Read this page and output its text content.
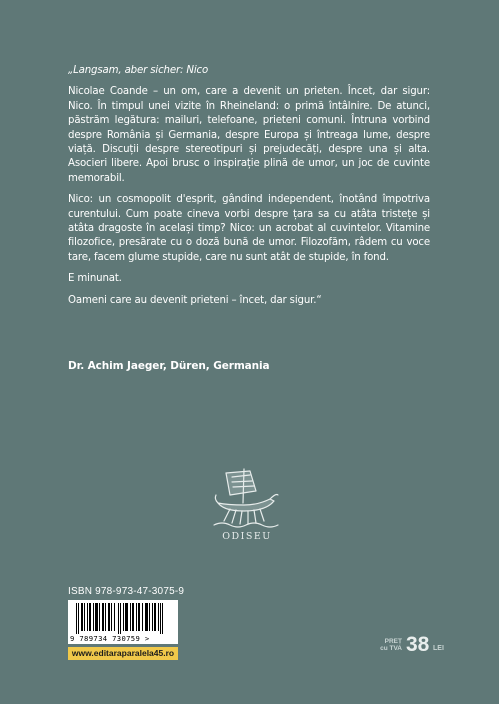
„Langsam, aber sicher: Nico

Nicolae Coande – un om, care a devenit un prieten. Încet, dar sigur: Nico. În timpul unei vizite în Rheineland: o primă întâlnire. De atunci, păstrăm legătura: mailuri, telefoane, prieteni comuni. Întruna vorbind despre România și Germania, despre Europa și întreaga lume, despre viață. Discuții despre stereotipuri și prejudecăți, despre una și alta. Asocieri libere. Apoi brusc o inspirație plină de umor, un joc de cuvinte memorabil.

Nico: un cosmopolit d'esprit, gândind independent, înotând împotriva curentului. Cum poate cineva vorbi despre țara sa cu atâta tristețe și atâta dragoste în același timp? Nico: un acrobat al cuvintelor. Vitamine filozofice, presărate cu o doză bună de umor. Filozofăm, râdem cu voce tare, facem glume stupide, care nu sunt atât de stupide, în fond.

E minunat.

Oameni care au devenit prieteni – încet, dar sigur.“

Dr. Achim Jaeger, Düren, Germania
ODISEU
ISBN 978-973-47-3075-9
9 789734 730759 >
www.editaraparalela45.ro
PREȚ
cu TVA 38 LEI
